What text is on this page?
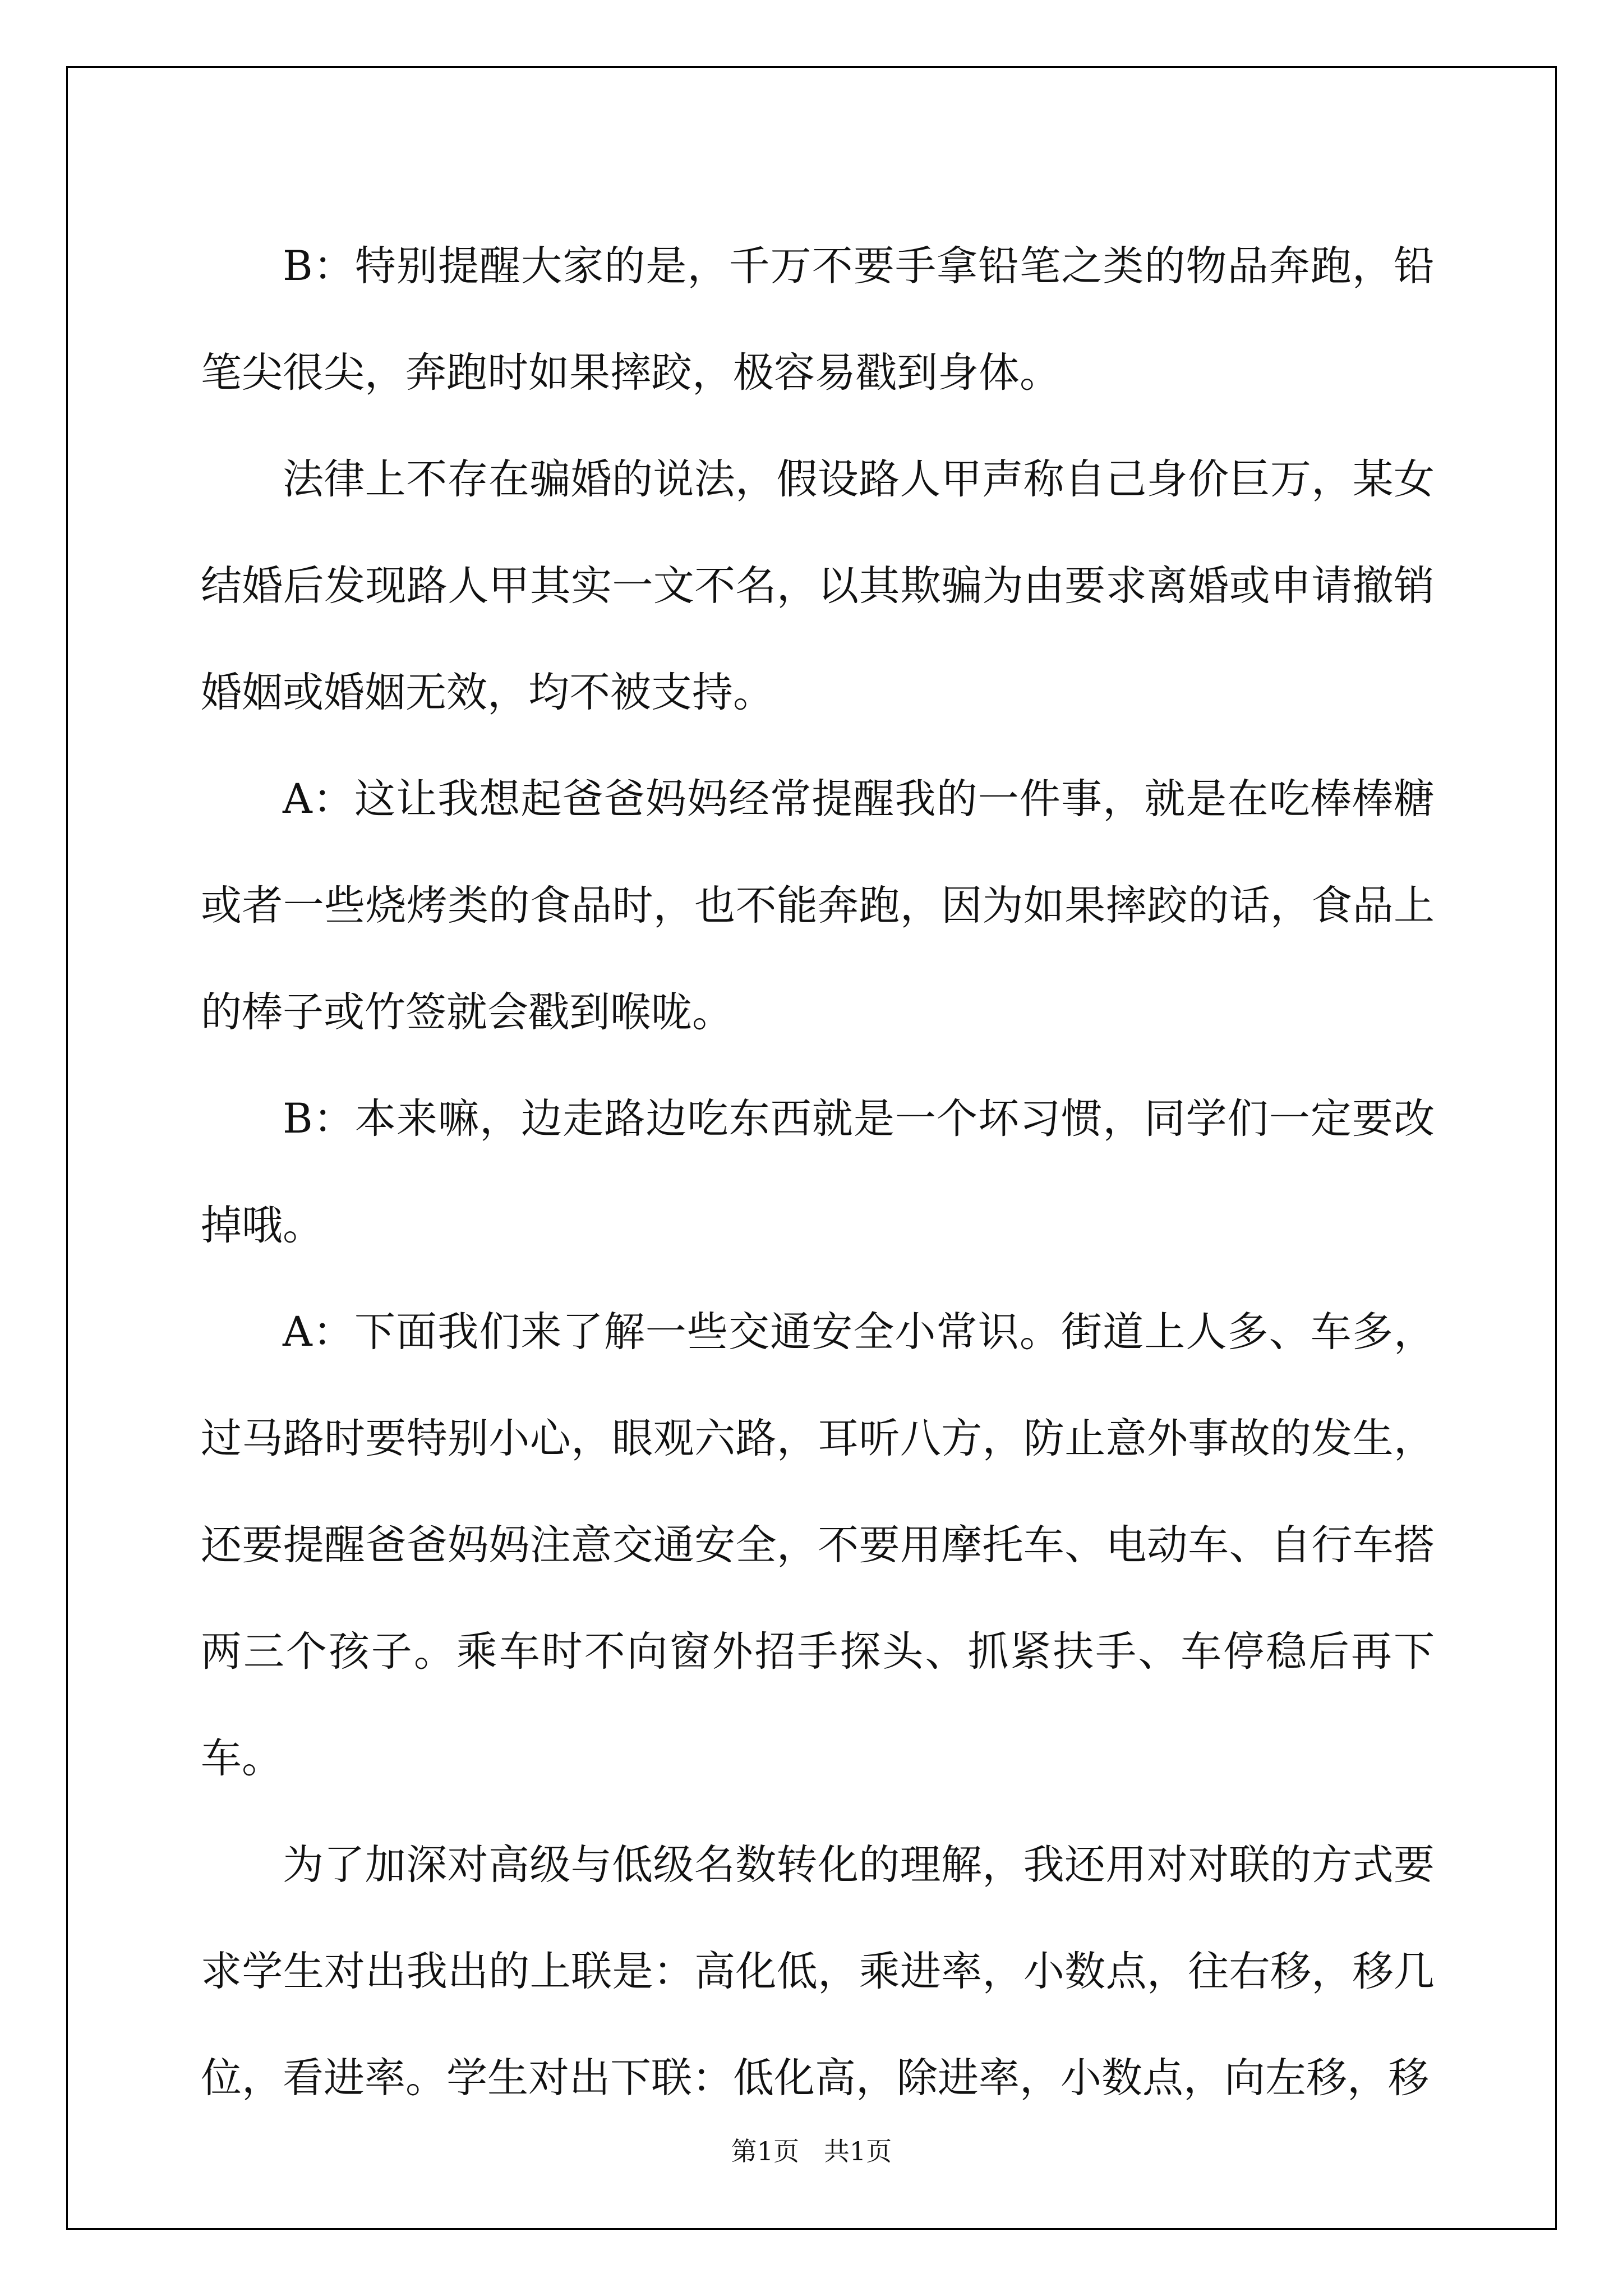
B：特别提醒大家的是，千万不要手拿铅笔之类的物品奔跑，铅笔尖很尖，奔跑时如果摔跤，极容易戳到身体。

法律上不存在骗婚的说法，假设路人甲声称自己身价巨万，某女结婚后发现路人甲其实一文不名，以其欺骗为由要求离婚或申请撤销婚姻或婚姻无效，均不被支持。

A：这让我想起爸爸妈妈经常提醒我的一件事，就是在吃棒棒糖或者一些烧烤类的食品时，也不能奔跑，因为如果摔跤的话，食品上的棒子或竹签就会戳到喉咙。

B：本来嘛，边走路边吃东西就是一个坏习惯，同学们一定要改掉哦。

A：下面我们来了解一些交通安全小常识。街道上人多、车多，过马路时要特别小心，眼观六路，耳听八方，防止意外事故的发生，还要提醒爸爸妈妈注意交通安全，不要用摩托车、电动车、自行车搭两三个孩子。乘车时不向窗外招手探头、抓紧扶手、车停稳后再下车。

为了加深对高级与低级名数转化的理解，我还用对对联的方式要求学生对出我出的上联是：高化低，乘进率，小数点，往右移，移几位，看进率。学生对出下联：低化高，除进率，小数点，向左移，移

第1页   共1页
